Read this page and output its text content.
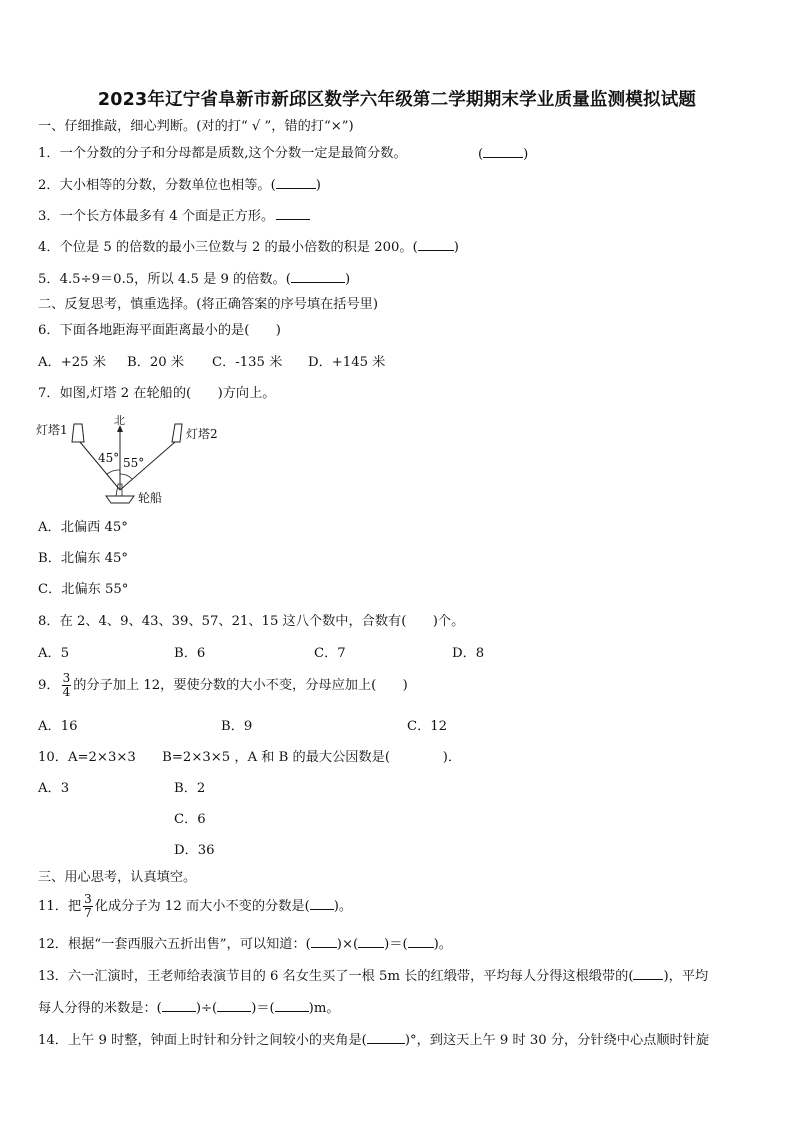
2023年辽宁省阜新市新邱区数学六年级第二学期期末学业质量监测模拟试题
一、仔细推敲，细心判断。(对的打“ √ ”，错的打“×”)
1．一个分数的分子和分母都是质数,这个分数一定是最简分数。	(	)
2．大小相等的分数，分数单位也相等。(	)
3．一个长方体最多有 4 个面是正方形。
4．个位是 5 的倍数的最小三位数与 2 的最小倍数的积是 200。(	)
5．4.5÷9＝0.5，所以 4.5 是 9 的倍数。(	)
二、反复思考，慎重选择。(将正确答案的序号填在括号里)
6．下面各地距海平面距离最小的是(　　)
A．+25 米 B．20 米 C．-135 米 D．+145 米
7．如图,灯塔 2 在轮船的(　　)方向上。
灯塔1	灯塔2
北
45° 55°
轮船
A．北偏西 45°
B．北偏东 45°
C．北偏东 55°
8．在 2、4、9、43、39、57、21、15 这八个数中，合数有(　　)个。
A．5	B．6	C．7	D．8
9． $\frac{3}{4}$ 的分子加上 12，要使分数的大小不变，分母应加上(　　)
A．16	B．9	C．12
10．A=2×3×3　　B=2×3×5 ，A 和 B 的最大公因数是(　　　　)．
A．3	B．2
C．6
D．36
三、用心思考，认真填空。
11．把 $\frac{3}{7}$ 化成分子为 12 而大小不变的分数是( )。
12．根据“一套西服六五折出售”，可以知道：( )×( )＝( )。
13．六一汇演时，王老师给表演节目的 6 名女生买了一根 5m 长的红缎带，平均每人分得这根缎带的( )，平均
每人分得的米数是：(	)÷(	)＝(	)m。
14．上午 9 时整，钟面上时针和分针之间较小的夹角是(	)°，到这天上午 9 时 30 分，分针绕中心点顺时针旋
